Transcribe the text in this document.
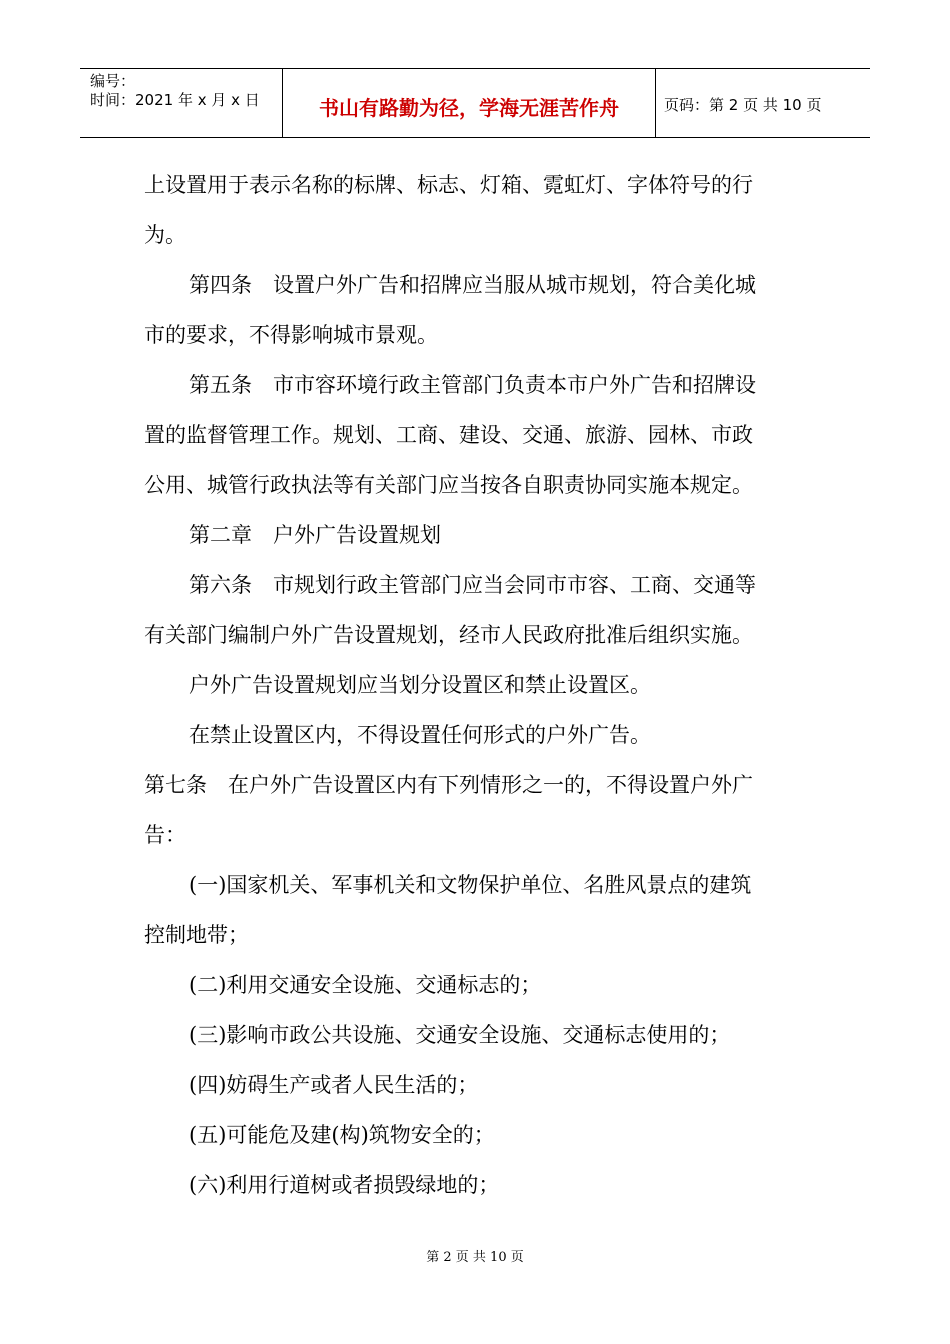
编号：
时间：2021 年 x 月 x 日	书山有路勤为径，学海无涯苦作舟	页码：第 2 页 共 10 页
上设置用于表示名称的标牌、标志、灯箱、霓虹灯、字体符号的行
为。
第四条　设置户外广告和招牌应当服从城市规划，符合美化城
市的要求，不得影响城市景观。
第五条　市市容环境行政主管部门负责本市户外广告和招牌设
置的监督管理工作。规划、工商、建设、交通、旅游、园林、市政
公用、城管行政执法等有关部门应当按各自职责协同实施本规定。
第二章　户外广告设置规划
第六条　市规划行政主管部门应当会同市市容、工商、交通等
有关部门编制户外广告设置规划，经市人民政府批准后组织实施。
户外广告设置规划应当划分设置区和禁止设置区。
在禁止设置区内，不得设置任何形式的户外广告。
第七条　在户外广告设置区内有下列情形之一的，不得设置户外广
告：
(一)国家机关、军事机关和文物保护单位、名胜风景点的建筑
控制地带；
(二)利用交通安全设施、交通标志的；
(三)影响市政公共设施、交通安全设施、交通标志使用的；
(四)妨碍生产或者人民生活的；
(五)可能危及建(构)筑物安全的；
(六)利用行道树或者损毁绿地的；
第 2 页 共 10 页
